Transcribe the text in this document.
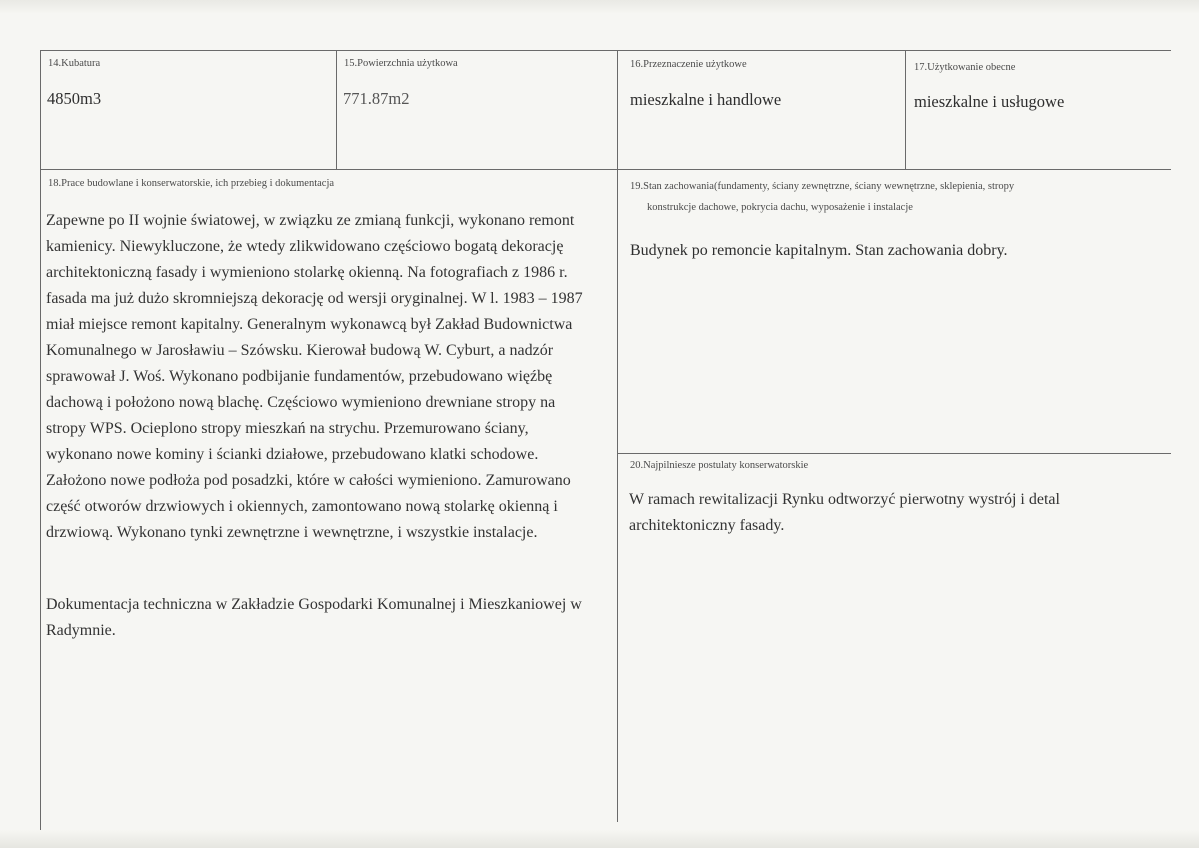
14.Kubatura
4850m3
15.Powierzchnia użytkowa
771.87m2
16.Przeznaczenie użytkowe
mieszkalne i handlowe
17.Użytkowanie obecne
mieszkalne i usługowe
18.Prace budowlane i konserwatorskie, ich przebieg i dokumentacja
Zapewne po II wojnie światowej, w związku ze zmianą funkcji, wykonano remont
kamienicy. Niewykluczone, że wtedy zlikwidowano częściowo bogatą dekorację
architektoniczną fasady i wymieniono stolarkę okienną. Na fotografiach z 1986 r.
fasada ma już dużo skromniejszą dekorację od wersji oryginalnej. W l. 1983 – 1987
miał miejsce remont kapitalny. Generalnym wykonawcą był Zakład Budownictwa
Komunalnego w Jarosławiu – Szówsku. Kierował budową W. Cyburt, a nadzór
sprawował J. Woś. Wykonano podbijanie fundamentów, przebudowano więźbę
dachową i położono nową blachę. Częściowo wymieniono drewniane stropy na
stropy WPS. Ocieplono stropy mieszkań na strychu. Przemurowano ściany,
wykonano nowe kominy i ścianki działowe, przebudowano klatki schodowe.
Założono nowe podłoża pod posadzki, które w całości wymieniono. Zamurowano
część otworów drzwiowych i okiennych, zamontowano nową stolarkę okienną i
drzwiową. Wykonano tynki zewnętrzne i wewnętrzne, i wszystkie instalacje.
Dokumentacja techniczna w Zakładzie Gospodarki Komunalnej i Mieszkaniowej w
Radymnie.
19.Stan zachowania(fundamenty, ściany zewnętrzne, ściany wewnętrzne, sklepienia, stropy
konstrukcje dachowe, pokrycia dachu, wyposażenie i instalacje
Budynek po remoncie kapitalnym. Stan zachowania dobry.
20.Najpilniesze postulaty konserwatorskie
W ramach rewitalizacji Rynku odtworzyć pierwotny wystrój i detal
architektoniczny fasady.
